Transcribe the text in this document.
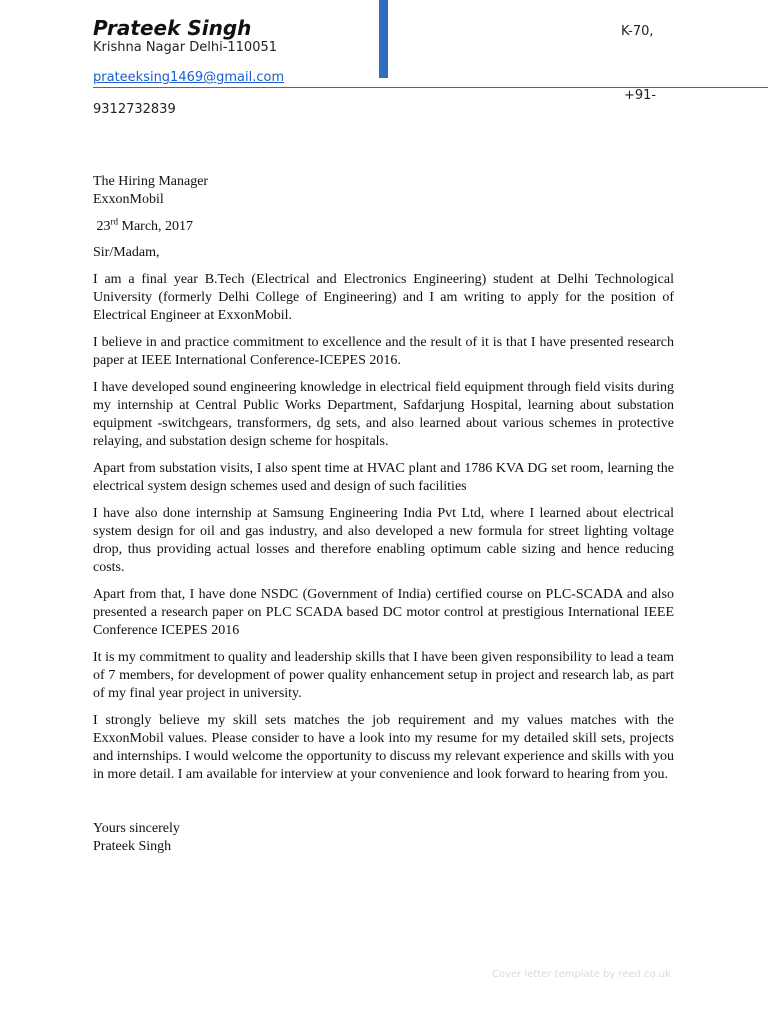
Prateek Singh	K-70,
Krishna Nagar Delhi-110051
prateeksing1469@gmail.com
+91-
9312732839

The Hiring Manager

ExxonMobil

23rd March, 2017

Sir/Madam,

I am a final year B.Tech (Electrical and Electronics Engineering) student at Delhi Technological University (formerly Delhi College of Engineering) and I am writing to apply for the position of Electrical Engineer at ExxonMobil.

I believe in and practice commitment to excellence and the result of it is that I have presented research paper at IEEE International Conference-ICEPES 2016.

I have developed sound engineering knowledge in electrical field equipment through field visits during my internship at Central Public Works Department, Safdarjung Hospital, learning about substation equipment -switchgears, transformers, dg sets, and also learned about various schemes in protective relaying, and substation design scheme for hospitals.

Apart from substation visits, I also spent time at HVAC plant and 1786 KVA DG set room, learning the electrical system design schemes used and design of such facilities

I have also done internship at Samsung Engineering India Pvt Ltd, where I learned about electrical system design for oil and gas industry, and also developed a new formula for street lighting voltage drop, thus providing actual losses and therefore enabling optimum cable sizing and hence reducing costs.

Apart from that, I have done NSDC (Government of India) certified course on PLC-SCADA and also presented a research paper on PLC SCADA based DC motor control at prestigious International IEEE Conference ICEPES 2016

It is my commitment to quality and leadership skills that I have been given responsibility to lead a team of 7 members, for development of power quality enhancement setup in project and research lab, as part of my final year project in university.

I strongly believe my skill sets matches the job requirement and my values matches with the ExxonMobil values. Please consider to have a look into my resume for my detailed skill sets, projects and internships. I would welcome the opportunity to discuss my relevant experience and skills with you in more detail. I am available for interview at your convenience and look forward to hearing from you.

Yours sincerely

Prateek Singh

Cover letter template by reed.co.uk
